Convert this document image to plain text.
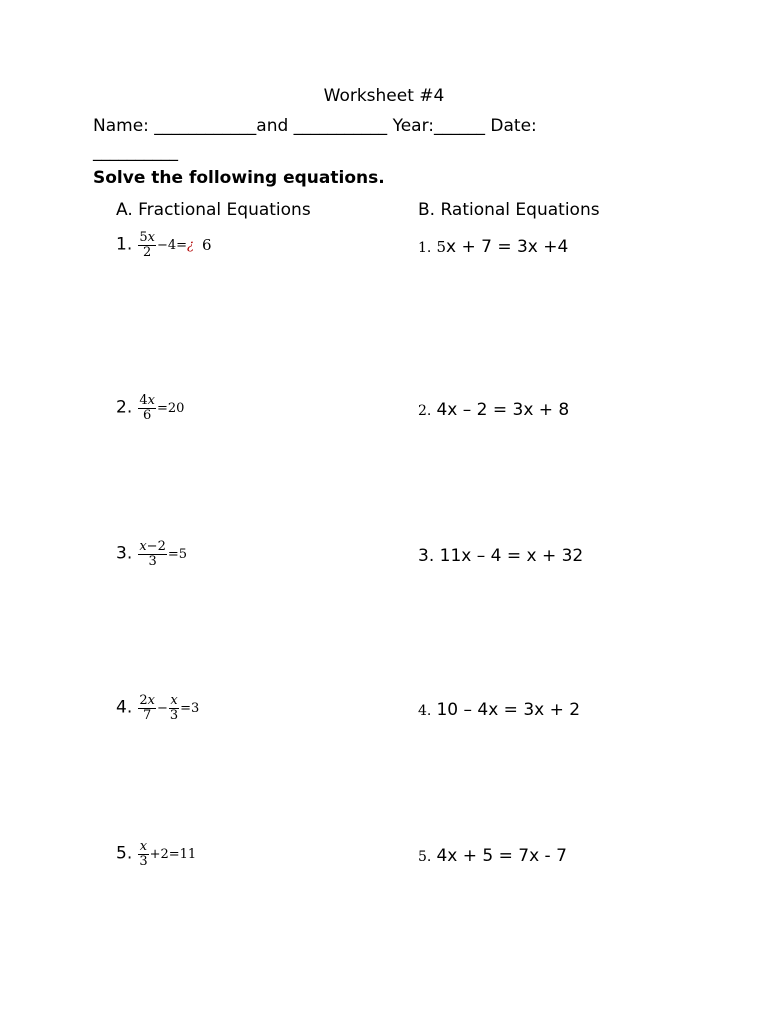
Worksheet #4
Name: ____________and ___________ Year:______ Date:
__________
Solve the following equations.
A. Fractional Equations	B. Rational Equations
1. $\frac{5x}{2} -4=$ ¿ 6
2. $\frac{4x}{6} =20$
3. $\frac{x-2}{3} =5$
4. $\frac{2x}{7} - \frac{x}{3} =3$
5. $\frac{x}{3} +2=11$
1. 5x + 7 = 3x +4
2. 4x – 2 = 3x + 8
3. 11x – 4 = x + 32
4. 10 – 4x = 3x + 2
5. 4x + 5 = 7x - 7
